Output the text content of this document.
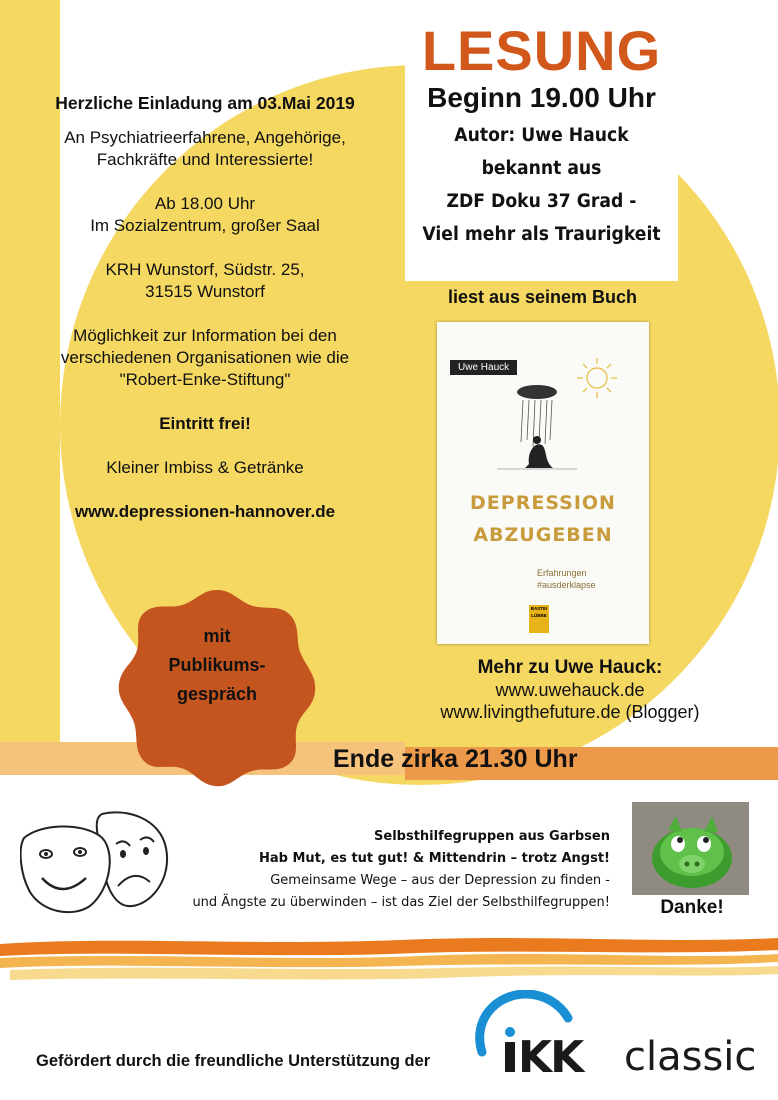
Herzliche Einladung am 03.Mai 2019

An Psychiatrieerfahrene, Angehörige,

Fachkräfte und Interessierte!

Ab 18.00 Uhr

Im Sozialzentrum, großer Saal

KRH Wunstorf, Südstr. 25,

31515 Wunstorf

Möglichkeit zur Information bei den

verschiedenen Organisationen wie die

"Robert-Enke-Stiftung"

Eintritt frei!

Kleiner Imbiss & Getränke

www.depressionen-hannover.de

LESUNG
Beginn 19.00 Uhr
Autor: Uwe Hauck
bekannt aus
ZDF Doku 37 Grad -
Viel mehr als Traurigkeit
liest aus seinem Buch
Uwe Hauck
DEPRESSION
ABZUGEBEN
Erfahrungen
#ausderklapse
BASTEI LÜBBE
Mehr zu Uwe Hauck:
www.uwehauck.de
www.livingthefuture.de (Blogger)
mit
Publikums-
gespräch
Ende zirka 21.30 Uhr
Selbsthilfegruppen aus Garbsen
Hab Mut, es tut gut! & Mittendrin – trotz Angst!
Gemeinsame Wege – aus der Depression zu finden -
und Ängste zu überwinden – ist das Ziel der Selbsthilfegruppen!	Danke!
Gefördert durch die freundliche Unterstützung der KK classic
